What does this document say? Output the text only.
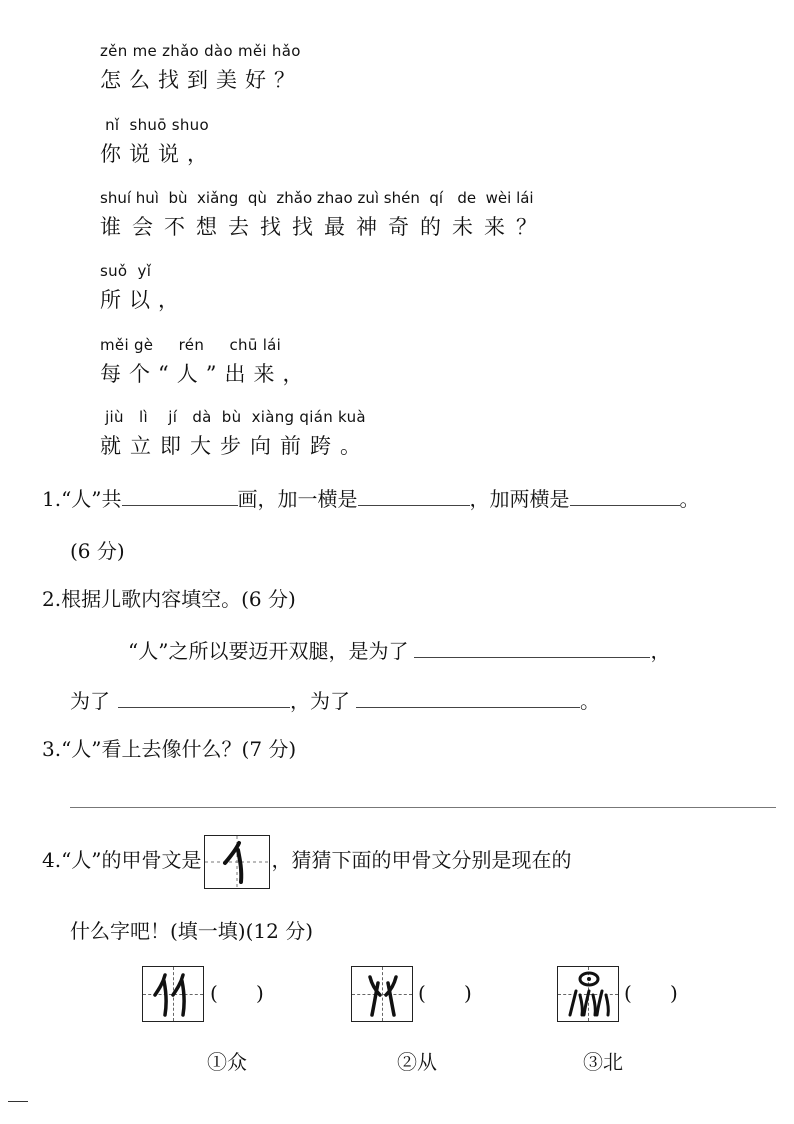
zěn me zhǎo dào měi hǎo
怎么找到美好？
nǐ  shuō shuo
你说说，
shuí huì  bù  xiǎng  qù  zhǎo zhao zuì shén  qí   de  wèi lái
谁会不想去找找最神奇的未来？
suǒ  yǐ
所以，
měi gè     rén     chū lái
每个“人”出来，
jiù   lì    jí   dà  bù  xiàng qián kuà
就立即大步向前跨。
1.“人”共	画，加一横是	，加两横是	。
(6 分)
2.根据儿歌内容填空。(6 分)
“人”之所以要迈开双腿，是为了	，
为了	，为了	。
3.“人”看上去像什么？(7 分)
4.“人”的甲骨文是	，猜猜下面的甲骨文分别是现在的
什么字吧！(填一填)(12 分)
(      )	(      )	(      )
①众	②从	③北
